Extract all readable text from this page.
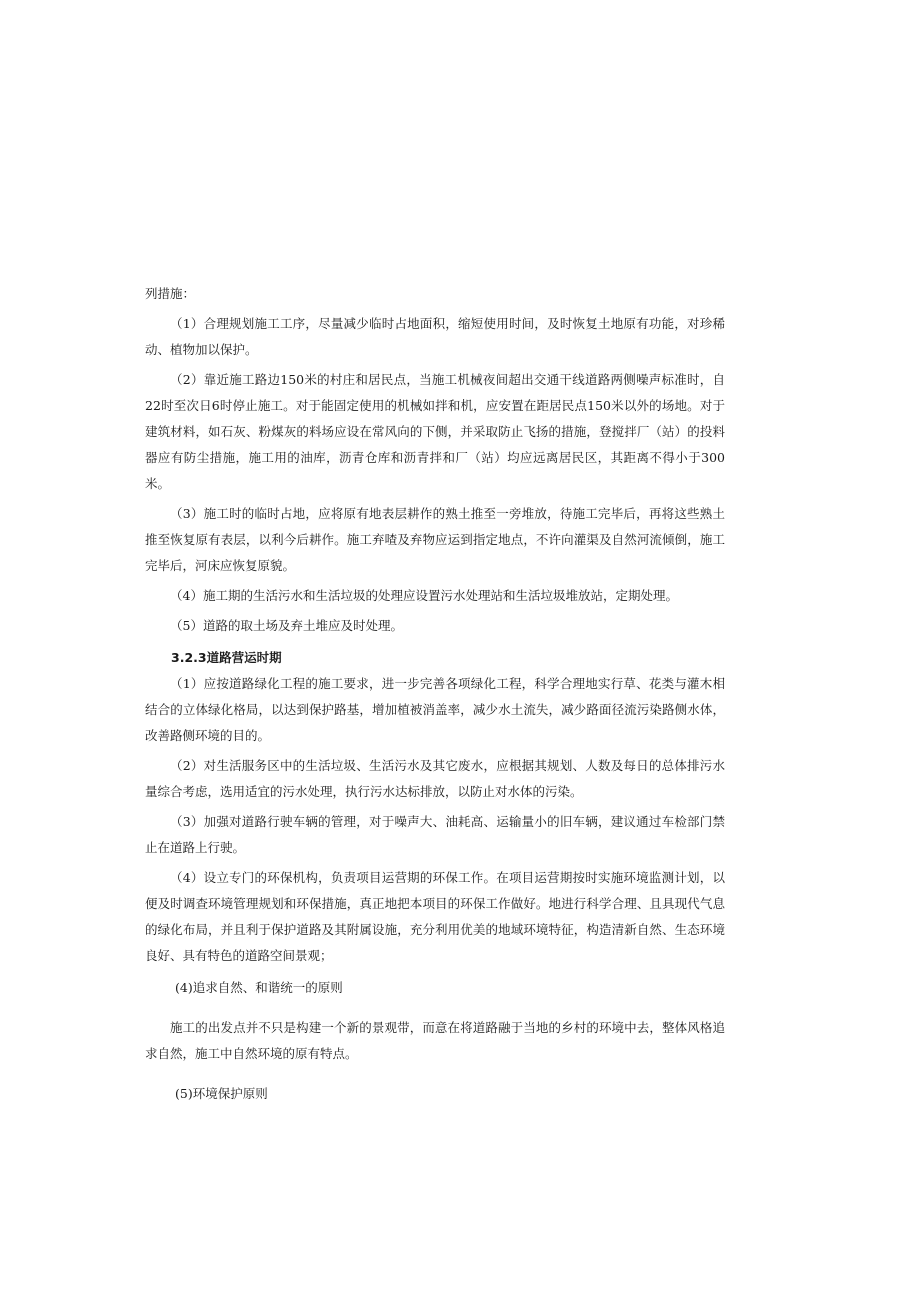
列措施：

（1）合理规划施工工序，尽量减少临时占地面积，缩短使用时间，及时恢复土地原有功能，对珍稀动、植物加以保护。

（2）靠近施工路边150米的村庄和居民点，当施工机械夜间超出交通干线道路两侧噪声标准时，自22时至次日6时停止施工。对于能固定使用的机械如拌和机，应安置在距居民点150米以外的场地。对于建筑材料，如石灰、粉煤灰的料场应设在常风向的下侧，并采取防止飞扬的措施，登搅拌厂（站）的投料器应有防尘措施，施工用的油库，沥青仓库和沥青拌和厂（站）均应远离居民区，其距离不得小于300米。

（3）施工时的临时占地，应将原有地表层耕作的熟土推至一旁堆放，待施工完毕后，再将这些熟土推至恢复原有表层，以利今后耕作。施工弃喳及弃物应运到指定地点，不许向灌渠及自然河流倾倒，施工完毕后，河床应恢复原貌。

（4）施工期的生活污水和生活垃圾的处理应设置污水处理站和生活垃圾堆放站，定期处理。

（5）道路的取土场及弃土堆应及时处理。

3.2.3道路营运时期

（1）应按道路绿化工程的施工要求，进一步完善各项绿化工程，科学合理地实行草、花类与灌木相结合的立体绿化格局，以达到保护路基，增加植被消盖率，减少水土流失，减少路面径流污染路侧水体，改善路侧环境的目的。

（2）对生活服务区中的生活垃圾、生活污水及其它废水，应根据其规划、人数及每日的总体排污水量综合考虑，选用适宜的污水处理，执行污水达标排放，以防止对水体的污染。

（3）加强对道路行驶车辆的管理，对于噪声大、油耗高、运输量小的旧车辆，建议通过车检部门禁止在道路上行驶。

（4）设立专门的环保机构，负责项目运营期的环保工作。在项目运营期按时实施环境监测计划，以便及时调查环境管理规划和环保措施，真正地把本项目的环保工作做好。地进行科学合理、且具现代气息的绿化布局，并且利于保护道路及其附属设施，充分利用优美的地域环境特征，构造清新自然、生态环境良好、具有特色的道路空间景观；

(4)追求自然、和谐统一的原则

施工的出发点并不只是构建一个新的景观带，而意在将道路融于当地的乡村的环境中去，整体风格追求自然，施工中自然环境的原有特点。

(5)环境保护原则
